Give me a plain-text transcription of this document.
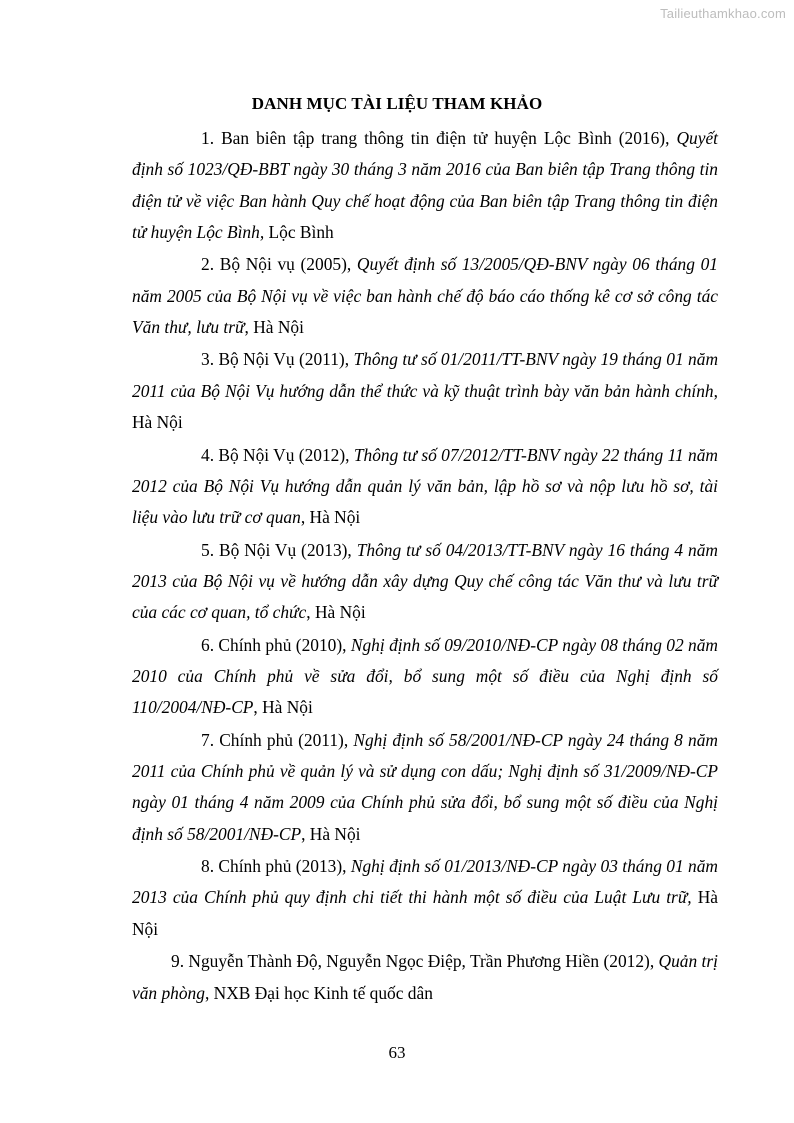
Tailieuthamkhao.com
DANH MỤC TÀI LIỆU THAM KHẢO
1. Ban biên tập trang thông tin điện tử huyện Lộc Bình (2016), Quyết định số 1023/QĐ-BBT ngày 30 tháng 3 năm 2016 của Ban biên tập Trang thông tin điện tử về việc Ban hành Quy chế hoạt động của Ban biên tập Trang thông tin điện tử huyện Lộc Bình, Lộc Bình
2. Bộ Nội vụ (2005), Quyết định số 13/2005/QĐ-BNV ngày 06 tháng 01 năm 2005 của Bộ Nội vụ về việc ban hành chế độ báo cáo thống kê cơ sở công tác Văn thư, lưu trữ, Hà Nội
3. Bộ Nội Vụ (2011), Thông tư số 01/2011/TT-BNV ngày 19 tháng 01 năm 2011 của Bộ Nội Vụ hướng dẫn thể thức và kỹ thuật trình bày văn bản hành chính, Hà Nội
4. Bộ Nội Vụ (2012), Thông tư số 07/2012/TT-BNV ngày 22 tháng 11 năm 2012 của Bộ Nội Vụ hướng dẫn quản lý văn bản, lập hồ sơ và nộp lưu hồ sơ, tài liệu vào lưu trữ cơ quan, Hà Nội
5. Bộ Nội Vụ (2013), Thông tư số 04/2013/TT-BNV ngày 16 tháng 4 năm 2013 của Bộ Nội vụ về hướng dẫn xây dựng Quy chế công tác Văn thư và lưu trữ của các cơ quan, tổ chức, Hà Nội
6. Chính phủ (2010), Nghị định số 09/2010/NĐ-CP ngày 08 tháng 02 năm 2010 của Chính phủ về sửa đổi, bổ sung một số điều của Nghị định số 110/2004/NĐ-CP, Hà Nội
7. Chính phủ (2011), Nghị định số 58/2001/NĐ-CP ngày 24 tháng 8 năm 2011 của Chính phủ về quản lý và sử dụng con dấu; Nghị định số 31/2009/NĐ-CP ngày 01 tháng 4 năm 2009 của Chính phủ sửa đổi, bổ sung một số điều của Nghị định số 58/2001/NĐ-CP, Hà Nội
8. Chính phủ (2013), Nghị định số 01/2013/NĐ-CP ngày 03 tháng 01 năm 2013 của Chính phủ quy định chi tiết thi hành một số điều của Luật Lưu trữ, Hà Nội
9. Nguyễn Thành Độ, Nguyễn Ngọc Điệp, Trần Phương Hiền (2012), Quản trị văn phòng, NXB Đại học Kinh tế quốc dân
63
